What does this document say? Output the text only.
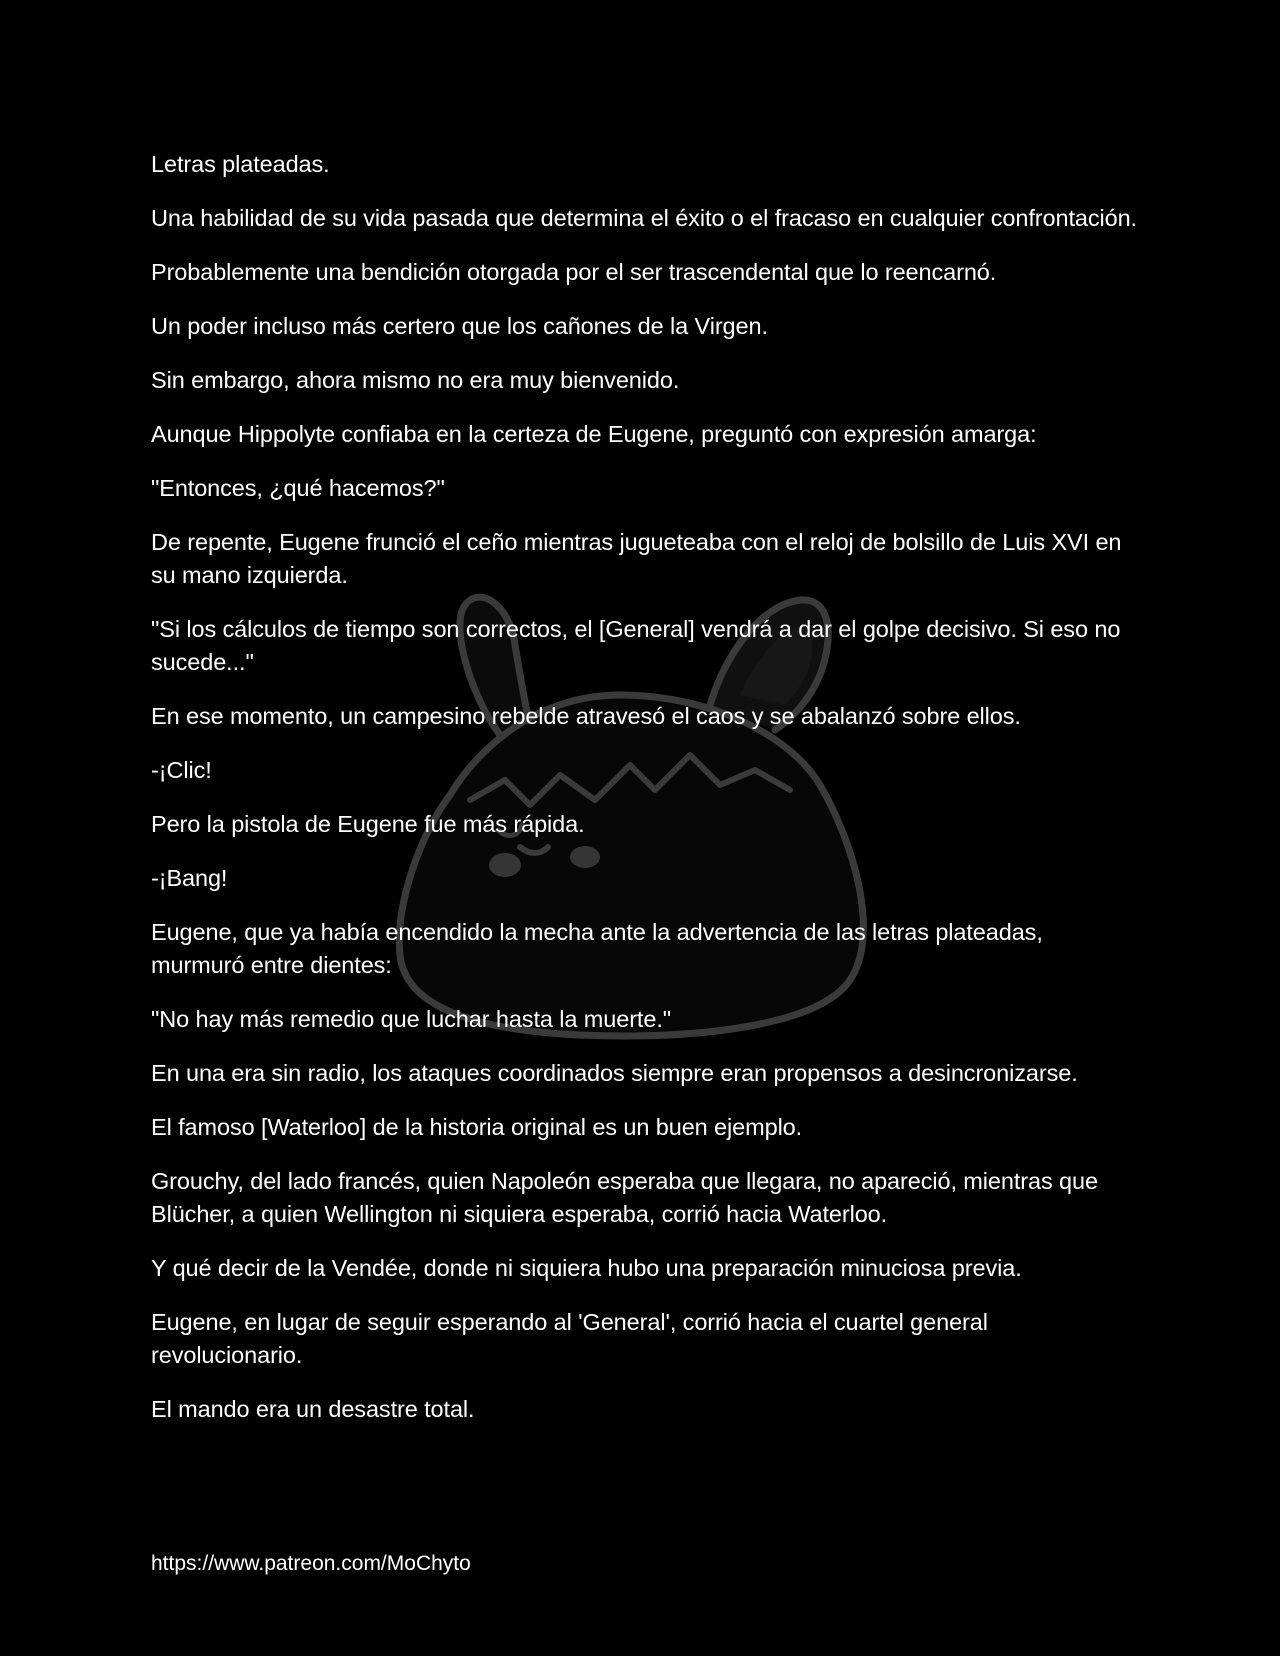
Letras plateadas.

Una habilidad de su vida pasada que determina el éxito o el fracaso en cualquier confrontación.

Probablemente una bendición otorgada por el ser trascendental que lo reencarnó.

Un poder incluso más certero que los cañones de la Virgen.

Sin embargo, ahora mismo no era muy bienvenido.

Aunque Hippolyte confiaba en la certeza de Eugene, preguntó con expresión amarga:

"Entonces, ¿qué hacemos?"

De repente, Eugene frunció el ceño mientras jugueteaba con el reloj de bolsillo de Luis XVI en su mano izquierda.

"Si los cálculos de tiempo son correctos, el [General] vendrá a dar el golpe decisivo. Si eso no sucede..."

En ese momento, un campesino rebelde atravesó el caos y se abalanzó sobre ellos.

-¡Clic!

Pero la pistola de Eugene fue más rápida.

-¡Bang!

Eugene, que ya había encendido la mecha ante la advertencia de las letras plateadas, murmuró entre dientes:

"No hay más remedio que luchar hasta la muerte."

En una era sin radio, los ataques coordinados siempre eran propensos a desincronizarse.

El famoso [Waterloo] de la historia original es un buen ejemplo.

Grouchy, del lado francés, quien Napoleón esperaba que llegara, no apareció, mientras que Blücher, a quien Wellington ni siquiera esperaba, corrió hacia Waterloo.

Y qué decir de la Vendée, donde ni siquiera hubo una preparación minuciosa previa.

Eugene, en lugar de seguir esperando al 'General', corrió hacia el cuartel general revolucionario.

El mando era un desastre total.

https://www.patreon.com/MoChyto
